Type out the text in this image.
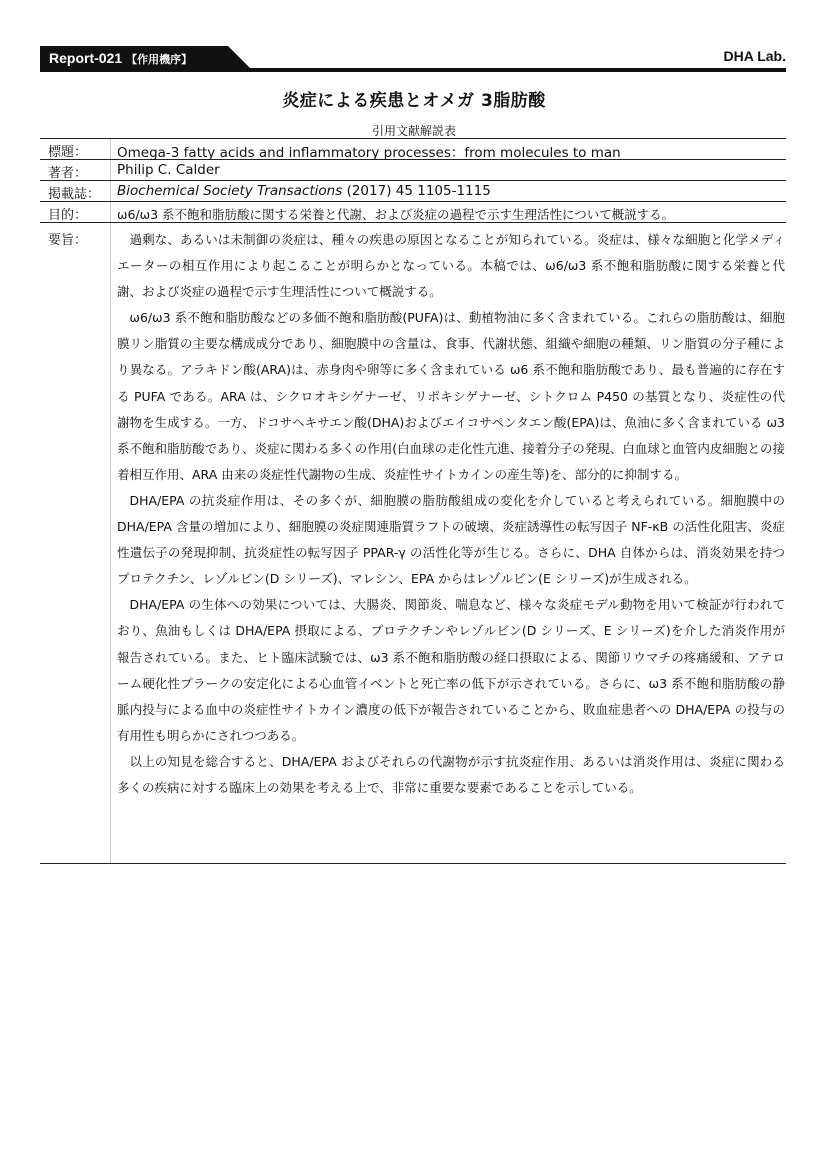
Report-021 【作用機序】	DHA Lab.
炎症による疾患とオメガ 3脂肪酸
引用文献解説表
標題： Omega-3 fatty acids and inflammatory processes：from molecules to man
著者： Philip C. Calder
掲載誌： Biochemical Society Transactions (2017) 45 1105-1115
目的： ω6/ω3 系不飽和脂肪酸に関する栄養と代謝、および炎症の過程で示す生理活性について概説する。
要旨：	過剰な、あるいは未制御の炎症は、種々の疾患の原因となることが知られている。炎症は、様々な細胞と化学メディエーターの相互作用により起こることが明らかとなっている。本稿では、ω6/ω3 系不飽和脂肪酸に関する栄養と代謝、および炎症の過程で示す生理活性について概説する。

ω6/ω3 系不飽和脂肪酸などの多価不飽和脂肪酸(PUFA)は、動植物油に多く含まれている。これらの脂肪酸は、細胞膜リン脂質の主要な構成成分であり、細胞膜中の含量は、食事、代謝状態、組織や細胞の種類、リン脂質の分子種により異なる。アラキドン酸(ARA)は、赤身肉や卵等に多く含まれている ω6 系不飽和脂肪酸であり、最も普遍的に存在する PUFA である。ARA は、シクロオキシゲナーゼ、リポキシゲナーゼ、シトクロム P450 の基質となり、炎症性の代謝物を生成する。一方、ドコサヘキサエン酸(DHA)およびエイコサペンタエン酸(EPA)は、魚油に多く含まれている ω3 系不飽和脂肪酸であり、炎症に関わる多くの作用(白血球の走化性亢進、接着分子の発現、白血球と血管内皮細胞との接着相互作用、ARA 由来の炎症性代謝物の生成、炎症性サイトカインの産生等)を、部分的に抑制する。

DHA/EPA の抗炎症作用は、その多くが、細胞膜の脂肪酸組成の変化を介していると考えられている。細胞膜中の DHA/EPA 含量の増加により、細胞膜の炎症関連脂質ラフトの破壊、炎症誘導性の転写因子 NF-κB の活性化阻害、炎症性遺伝子の発現抑制、抗炎症性の転写因子 PPAR-γ の活性化等が生じる。さらに、DHA 自体からは、消炎効果を持つプロテクチン、レゾルビン(D シリーズ)、マレシン、EPA からはレゾルビン(E シリーズ)が生成される。

DHA/EPA の生体への効果については、大腸炎、関節炎、喘息など、様々な炎症モデル動物を用いて検証が行われており、魚油もしくは DHA/EPA 摂取による、プロテクチンやレゾルビン(D シリーズ、E シリーズ)を介した消炎作用が報告されている。また、ヒト臨床試験では、ω3 系不飽和脂肪酸の経口摂取による、関節リウマチの疼痛緩和、アテローム硬化性プラークの安定化による心血管イベントと死亡率の低下が示されている。さらに、ω3 系不飽和脂肪酸の静脈内投与による血中の炎症性サイトカイン濃度の低下が報告されていることから、敗血症患者への DHA/EPA の投与の有用性も明らかにされつつある。

以上の知見を総合すると、DHA/EPA およびそれらの代謝物が示す抗炎症作用、あるいは消炎作用は、炎症に関わる多くの疾病に対する臨床上の効果を考える上で、非常に重要な要素であることを示している。
